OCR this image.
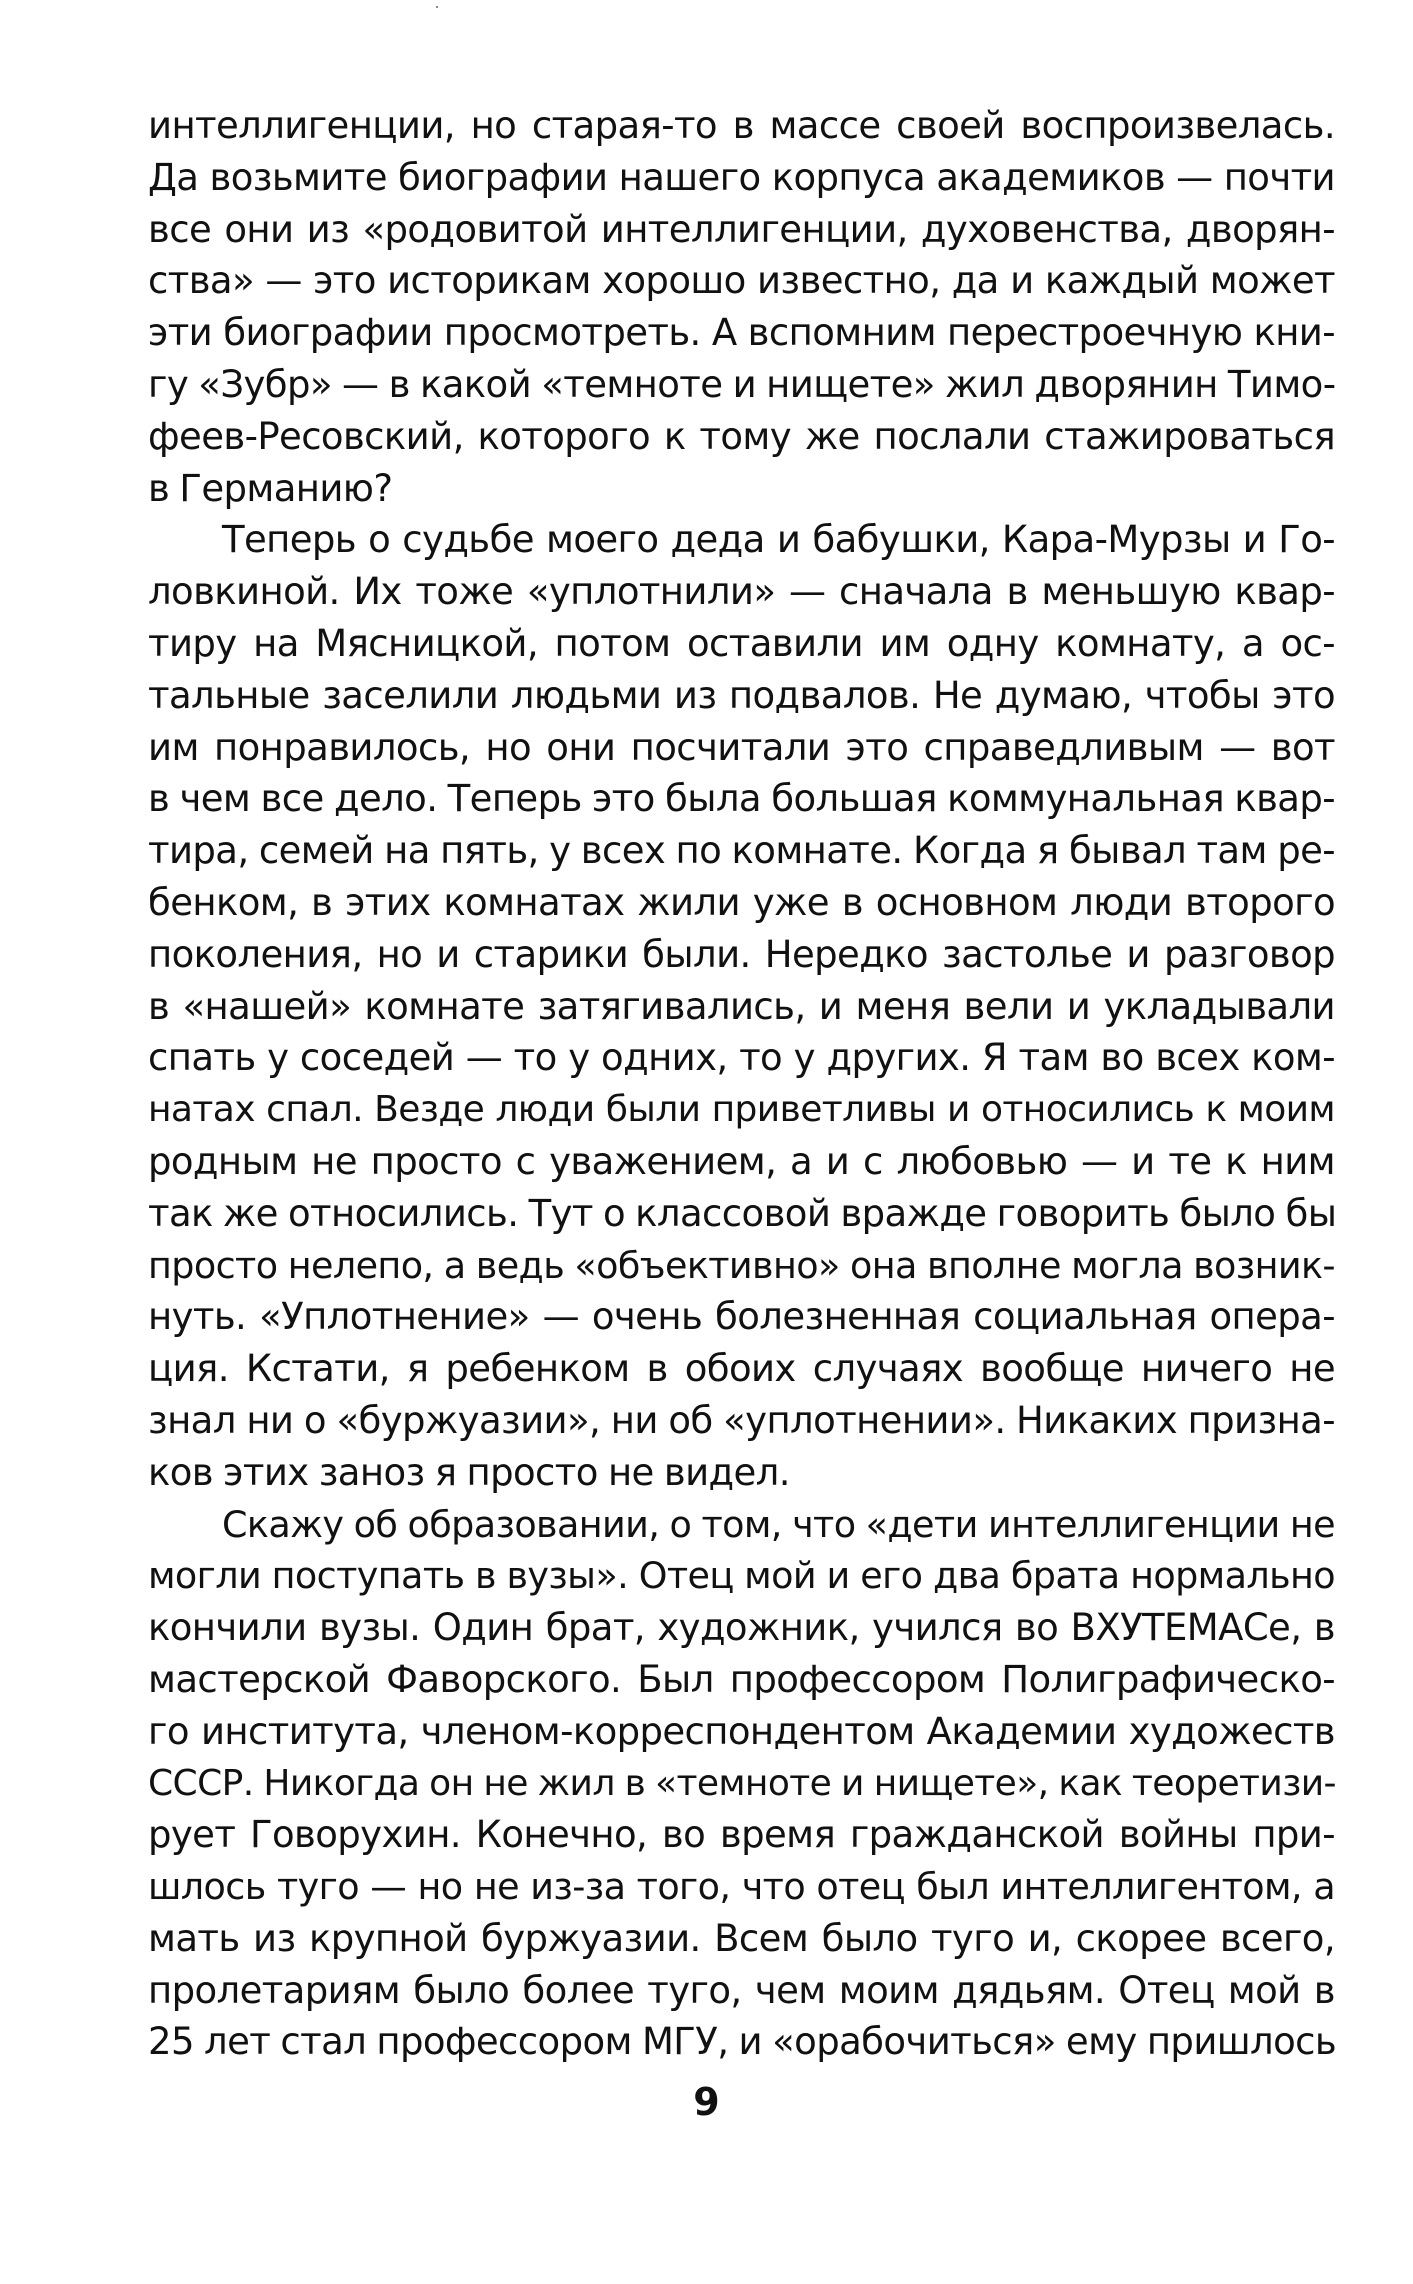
интеллигенции, но старая-то в массе своей воспроизвелась.
Да возьмите биографии нашего корпуса академиков — почти
все они из «родовитой интеллигенции, духовенства, дворян-
ства» — это историкам хорошо известно, да и каждый может
эти биографии просмотреть. А вспомним перестроечную кни-
гу «Зубр» — в какой «темноте и нищете» жил дворянин Тимо-
феев-Ресовский, которого к тому же послали стажироваться
в Германию?
Теперь о судьбе моего деда и бабушки, Кара-Мурзы и Го-
ловкиной. Их тоже «уплотнили» — сначала в меньшую квар-
тиру на Мясницкой, потом оставили им одну комнату, а ос-
тальные заселили людьми из подвалов. Не думаю, чтобы это
им понравилось, но они посчитали это справедливым — вот
в чем все дело. Теперь это была большая коммунальная квар-
тира, семей на пять, у всех по комнате. Когда я бывал там ре-
бенком, в этих комнатах жили уже в основном люди второго
поколения, но и старики были. Нередко застолье и разговор
в «нашей» комнате затягивались, и меня вели и укладывали
спать у соседей — то у одних, то у других. Я там во всех ком-
натах спал. Везде люди были приветливы и относились к моим
родным не просто с уважением, а и с любовью — и те к ним
так же относились. Тут о классовой вражде говорить было бы
просто нелепо, а ведь «объективно» она вполне могла возник-
нуть. «Уплотнение» — очень болезненная социальная опера-
ция. Кстати, я ребенком в обоих случаях вообще ничего не
знал ни о «буржуазии», ни об «уплотнении». Никаких призна-
ков этих заноз я просто не видел.
Скажу об образовании, о том, что «дети интеллигенции не
могли поступать в вузы». Отец мой и его два брата нормально
кончили вузы. Один брат, художник, учился во ВХУТЕМАСе, в
мастерской Фаворского. Был профессором Полиграфическо-
го института, членом-корреспондентом Академии художеств
СССР. Никогда он не жил в «темноте и нищете», как теоретизи-
рует Говорухин. Конечно, во время гражданской войны при-
шлось туго — но не из-за того, что отец был интеллигентом, а
мать из крупной буржуазии. Всем было туго и, скорее всего,
пролетариям было более туго, чем моим дядьям. Отец мой в
25 лет стал профессором МГУ, и «орабочиться» ему пришлось
9
